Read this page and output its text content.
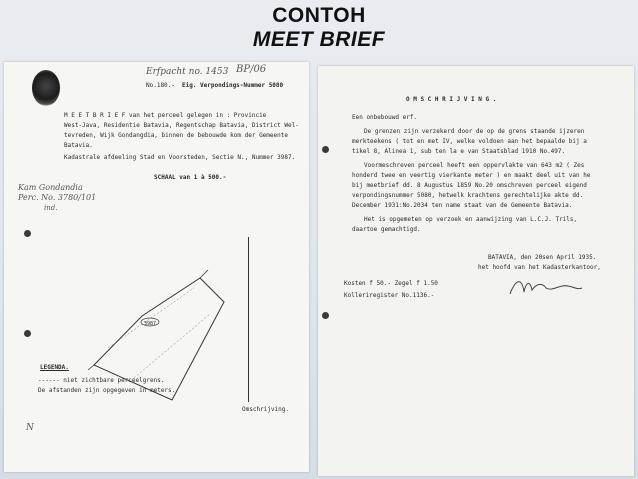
CONTOH
MEET BRIEF
Erfpacht no. 1453 BP/06
No.180.- Eig. Verpondings-Nummer 5080
M E E T B R I E F van het perceel gelegen in : Provincie
West-Java, Residentie Batavia, Regentschap Batavia, District Wel-
tevreden, Wijk Gondangdia, binnen de bebouwde kom der Gemeente
Batavia.
Kadastrale afdeeling Stad en Voorsteden, Sectie N., Nummer 3987.
SCHAAL van 1 à 500.-
Kam Gondandia
Perc. No. 3780/101
ind.
3987
LEGENDA.
------ niet zichtbare perceelgrens.
De afstanden zijn opgegeven in meters.
Omschrijving.
N
O M S C H R I J V I N G .
Een onbebouwd erf.
De grenzen zijn verzekerd door de op de grens staande ijzeren
merkteekens ( tot en met IV, welke voldoen aan het bepaalde bij a
tikel 8, Alinea 1, sub ten la e van Staatsblad 1910 No.497.
Voormeschreven perceel heeft een oppervlakte van 643 m2 ( Zes
honderd twee en veertig vierkante meter ) en maakt deel uit van he
bij meetbrief dd. 8 Augustus 1859 No.20 omschreven perceel eigend
verpondingsnummer 5080, hetwelk krachtens gerechtelijke akte dd.
December 1931:No.2034 ten name staat van de Gemeente Batavia.
Het is opgemeten op verzoek en aanwijzing van L.C.J. Trils,
daartoe gemachtigd.
BATAVIA, den 20sen April 1935.
het hoofd van het Kadasterkantoor,
Kosten f 50.- Zegel f 1.50
Kolleriregister No.1136.-
